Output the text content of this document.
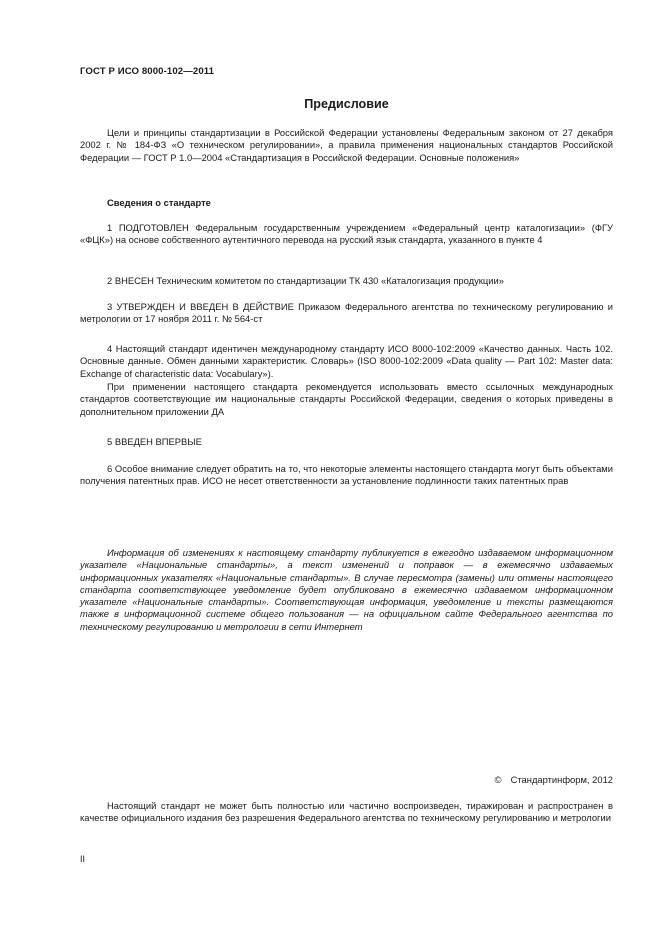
ГОСТ Р ИСО 8000-102—2011
Предисловие

Цели и принципы стандартизации в Российской Федерации установлены Федеральным законом от 27 декабря 2002 г. № 184-ФЗ «О техническом регулировании», а правила применения национальных стандартов Российской Федерации — ГОСТ Р 1.0—2004 «Стандартизация в Российской Федерации. Основные положения»

Сведения о стандарте

1 ПОДГОТОВЛЕН Федеральным государственным учреждением «Федеральный центр каталогизации» (ФГУ «ФЦК») на основе собственного аутентичного перевода на русский язык стандарта, указанного в пункте 4

2 ВНЕСЕН Техническим комитетом по стандартизации ТК 430 «Каталогизация продукции»

3 УТВЕРЖДЕН И ВВЕДЕН В ДЕЙСТВИЕ Приказом Федерального агентства по техническому регулированию и метрологии от 17 ноября 2011 г. № 564-ст

4 Настоящий стандарт идентичен международному стандарту ИСО 8000-102:2009 «Качество данных. Часть 102. Основные данные. Обмен данными характеристик. Словарь» (ISO 8000-102:2009 «Data quality — Part 102: Master data: Exchange of characteristic data: Vocabulary»).

При применении настоящего стандарта рекомендуется использовать вместо ссылочных международных стандартов соответствующие им национальные стандарты Российской Федерации, сведения о которых приведены в дополнительном приложении ДА

5 ВВЕДЕН ВПЕРВЫЕ

6 Особое внимание следует обратить на то, что некоторые элементы настоящего стандарта могут быть объектами получения патентных прав. ИСО не несет ответственности за установление подлинности таких патентных прав

Информация об изменениях к настоящему стандарту публикуется в ежегодно издаваемом информационном указателе «Национальные стандарты», а текст изменений и поправок — в ежемесячно издаваемых информационных указателях «Национальные стандарты». В случае пересмотра (замены) или отмены настоящего стандарта соответствующее уведомление будет опубликовано в ежемесячно издаваемом информационном указателе «Национальные стандарты». Соответствующая информация, уведомление и тексты размещаются также в информационной системе общего пользования — на официальном сайте Федерального агентства по техническому регулированию и метрологии в сети Интернет

© Стандартинформ, 2012

Настоящий стандарт не может быть полностью или частично воспроизведен, тиражирован и распространен в качестве официального издания без разрешения Федерального агентства по техническому регулированию и метрологии

II
